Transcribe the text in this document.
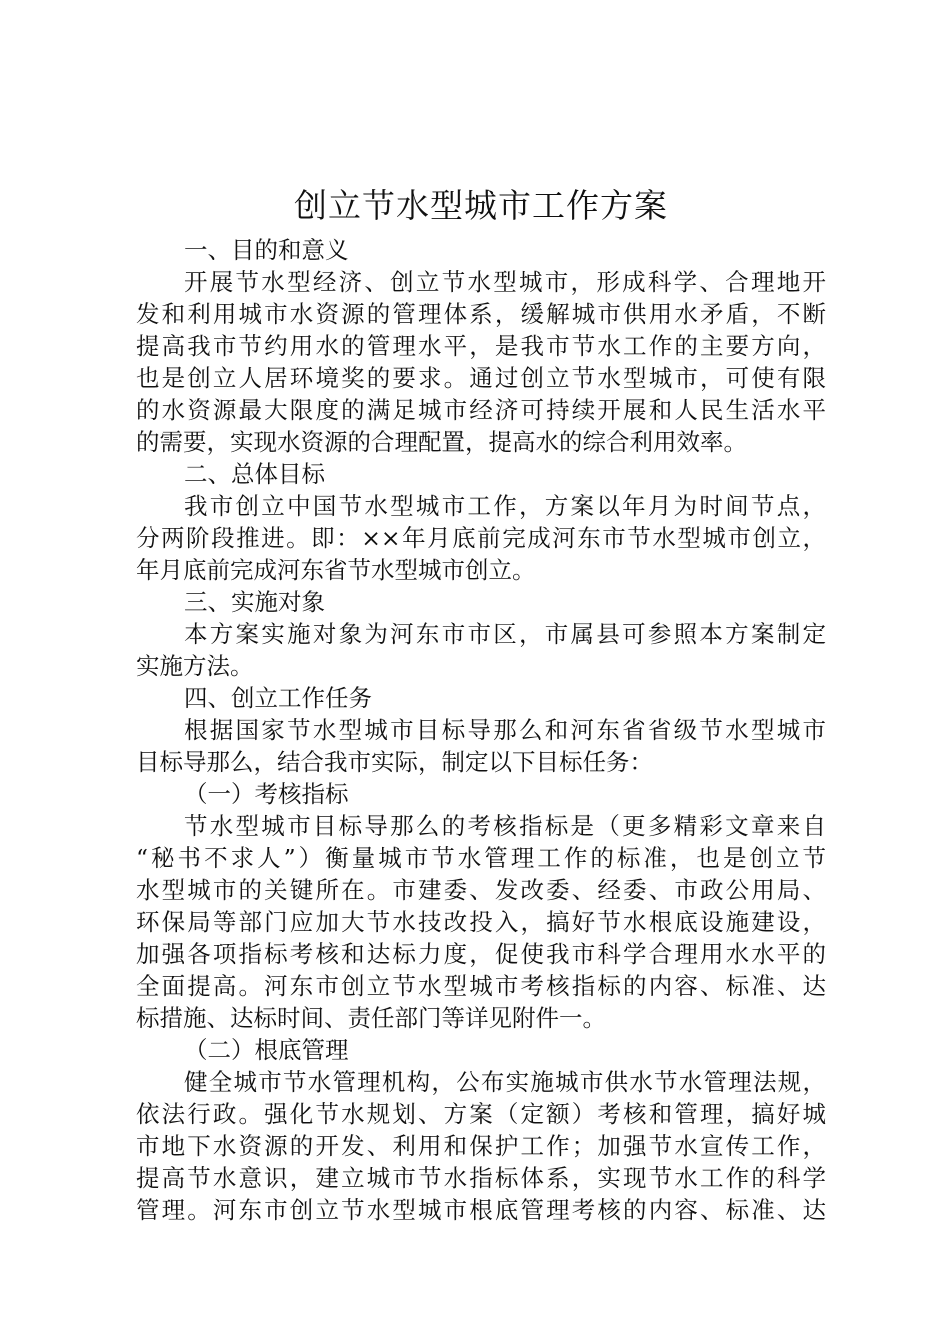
创立节水型城市工作方案

一、目的和意义

开展节水型经济、创立节水型城市，形成科学、合理地开

发和利用城市水资源的管理体系，缓解城市供用水矛盾，不断

提高我市节约用水的管理水平，是我市节水工作的主要方向，

也是创立人居环境奖的要求。通过创立节水型城市，可使有限

的水资源最大限度的满足城市经济可持续开展和人民生活水平

的需要，实现水资源的合理配置，提高水的综合利用效率。

二、总体目标

我市创立中国节水型城市工作，方案以年月为时间节点，

分两阶段推进。即：××年月底前完成河东市节水型城市创立，

年月底前完成河东省节水型城市创立。

三、实施对象

本方案实施对象为河东市市区，市属县可参照本方案制定

实施方法。

四、创立工作任务

根据国家节水型城市目标导那么和河东省省级节水型城市

目标导那么，结合我市实际，制定以下目标任务：

（一）考核指标

节水型城市目标导那么的考核指标是（更多精彩文章来自

“秘书不求人”）衡量城市节水管理工作的标准，也是创立节

水型城市的关键所在。市建委、发改委、经委、市政公用局、

环保局等部门应加大节水技改投入，搞好节水根底设施建设，

加强各项指标考核和达标力度，促使我市科学合理用水水平的

全面提高。河东市创立节水型城市考核指标的内容、标准、达

标措施、达标时间、责任部门等详见附件一。

（二）根底管理

健全城市节水管理机构，公布实施城市供水节水管理法规，

依法行政。强化节水规划、方案（定额）考核和管理，搞好城

市地下水资源的开发、利用和保护工作；加强节水宣传工作，

提高节水意识，建立城市节水指标体系，实现节水工作的科学

管理。河东市创立节水型城市根底管理考核的内容、标准、达
